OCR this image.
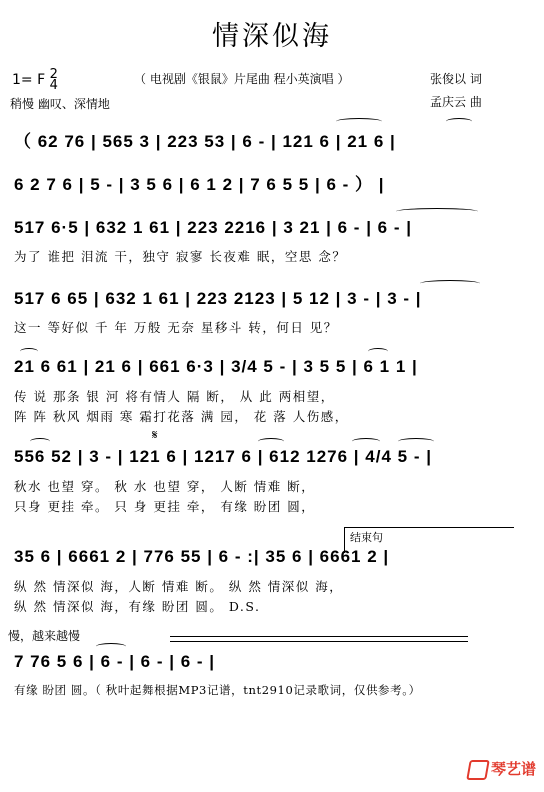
情深似海
1= F 2
4	（ 电视剧《银鼠》片尾曲 程小英演唱 ）	张俊以 词
稍慢 幽叹、深情地	孟庆云 曲
（ 62 76 | 565 3 | 223 53 | 6 - | 121 6 | 21 6 |
6 2 7 6 | 5 - | 3 5 6 | 6 1 2 | 7 6 5 5 | 6 - ） |
517 6·5 | 632 1 61 | 223 2216 | 3 21 | 6 - | 6 - |
为了 谁把 泪流 干，独守 寂寥 长夜难 眠，空思 念？
517 6 65 | 632 1 61 | 223 2123 | 5 12 | 3 - | 3 - |
这一 等好似 千 年 万般 无奈 星移斗 转，何日 见？
21 6 61 | 21 6 | 661 6·3 | 3/4 5 - | 3 5 5 | 6 1 1 |
传 说 那条 银 河 将有情人 隔 断， 从 此 两相望，
阵 阵 秋风 烟雨 寒 霜打花落 满 园， 花 落 人伤感，
556 52 | 3 - | 121 6 | 1217 6 | 612 1276 | 4/4 5 - |
𝄋
秋水 也望 穿。 秋 水 也望 穿， 人断 情难 断，
只身 更挂 牵。 只 身 更挂 牵， 有缘 盼团 圆，
结束句
35 6 | 6661 2 | 776 55 | 6 - :| 35 6 | 6661 2 |
纵 然 情深似 海，人断 情难 断。 纵 然 情深似 海，
纵 然 情深似 海，有缘 盼团 圆。 D.S.
慢，越来越慢
7 76 5 6 | 6 - | 6 - | 6 - |
有缘 盼团 圆。（ 秋叶起舞根据MP3记谱，tnt2910记录歌词，仅供参考。）
琴艺谱
